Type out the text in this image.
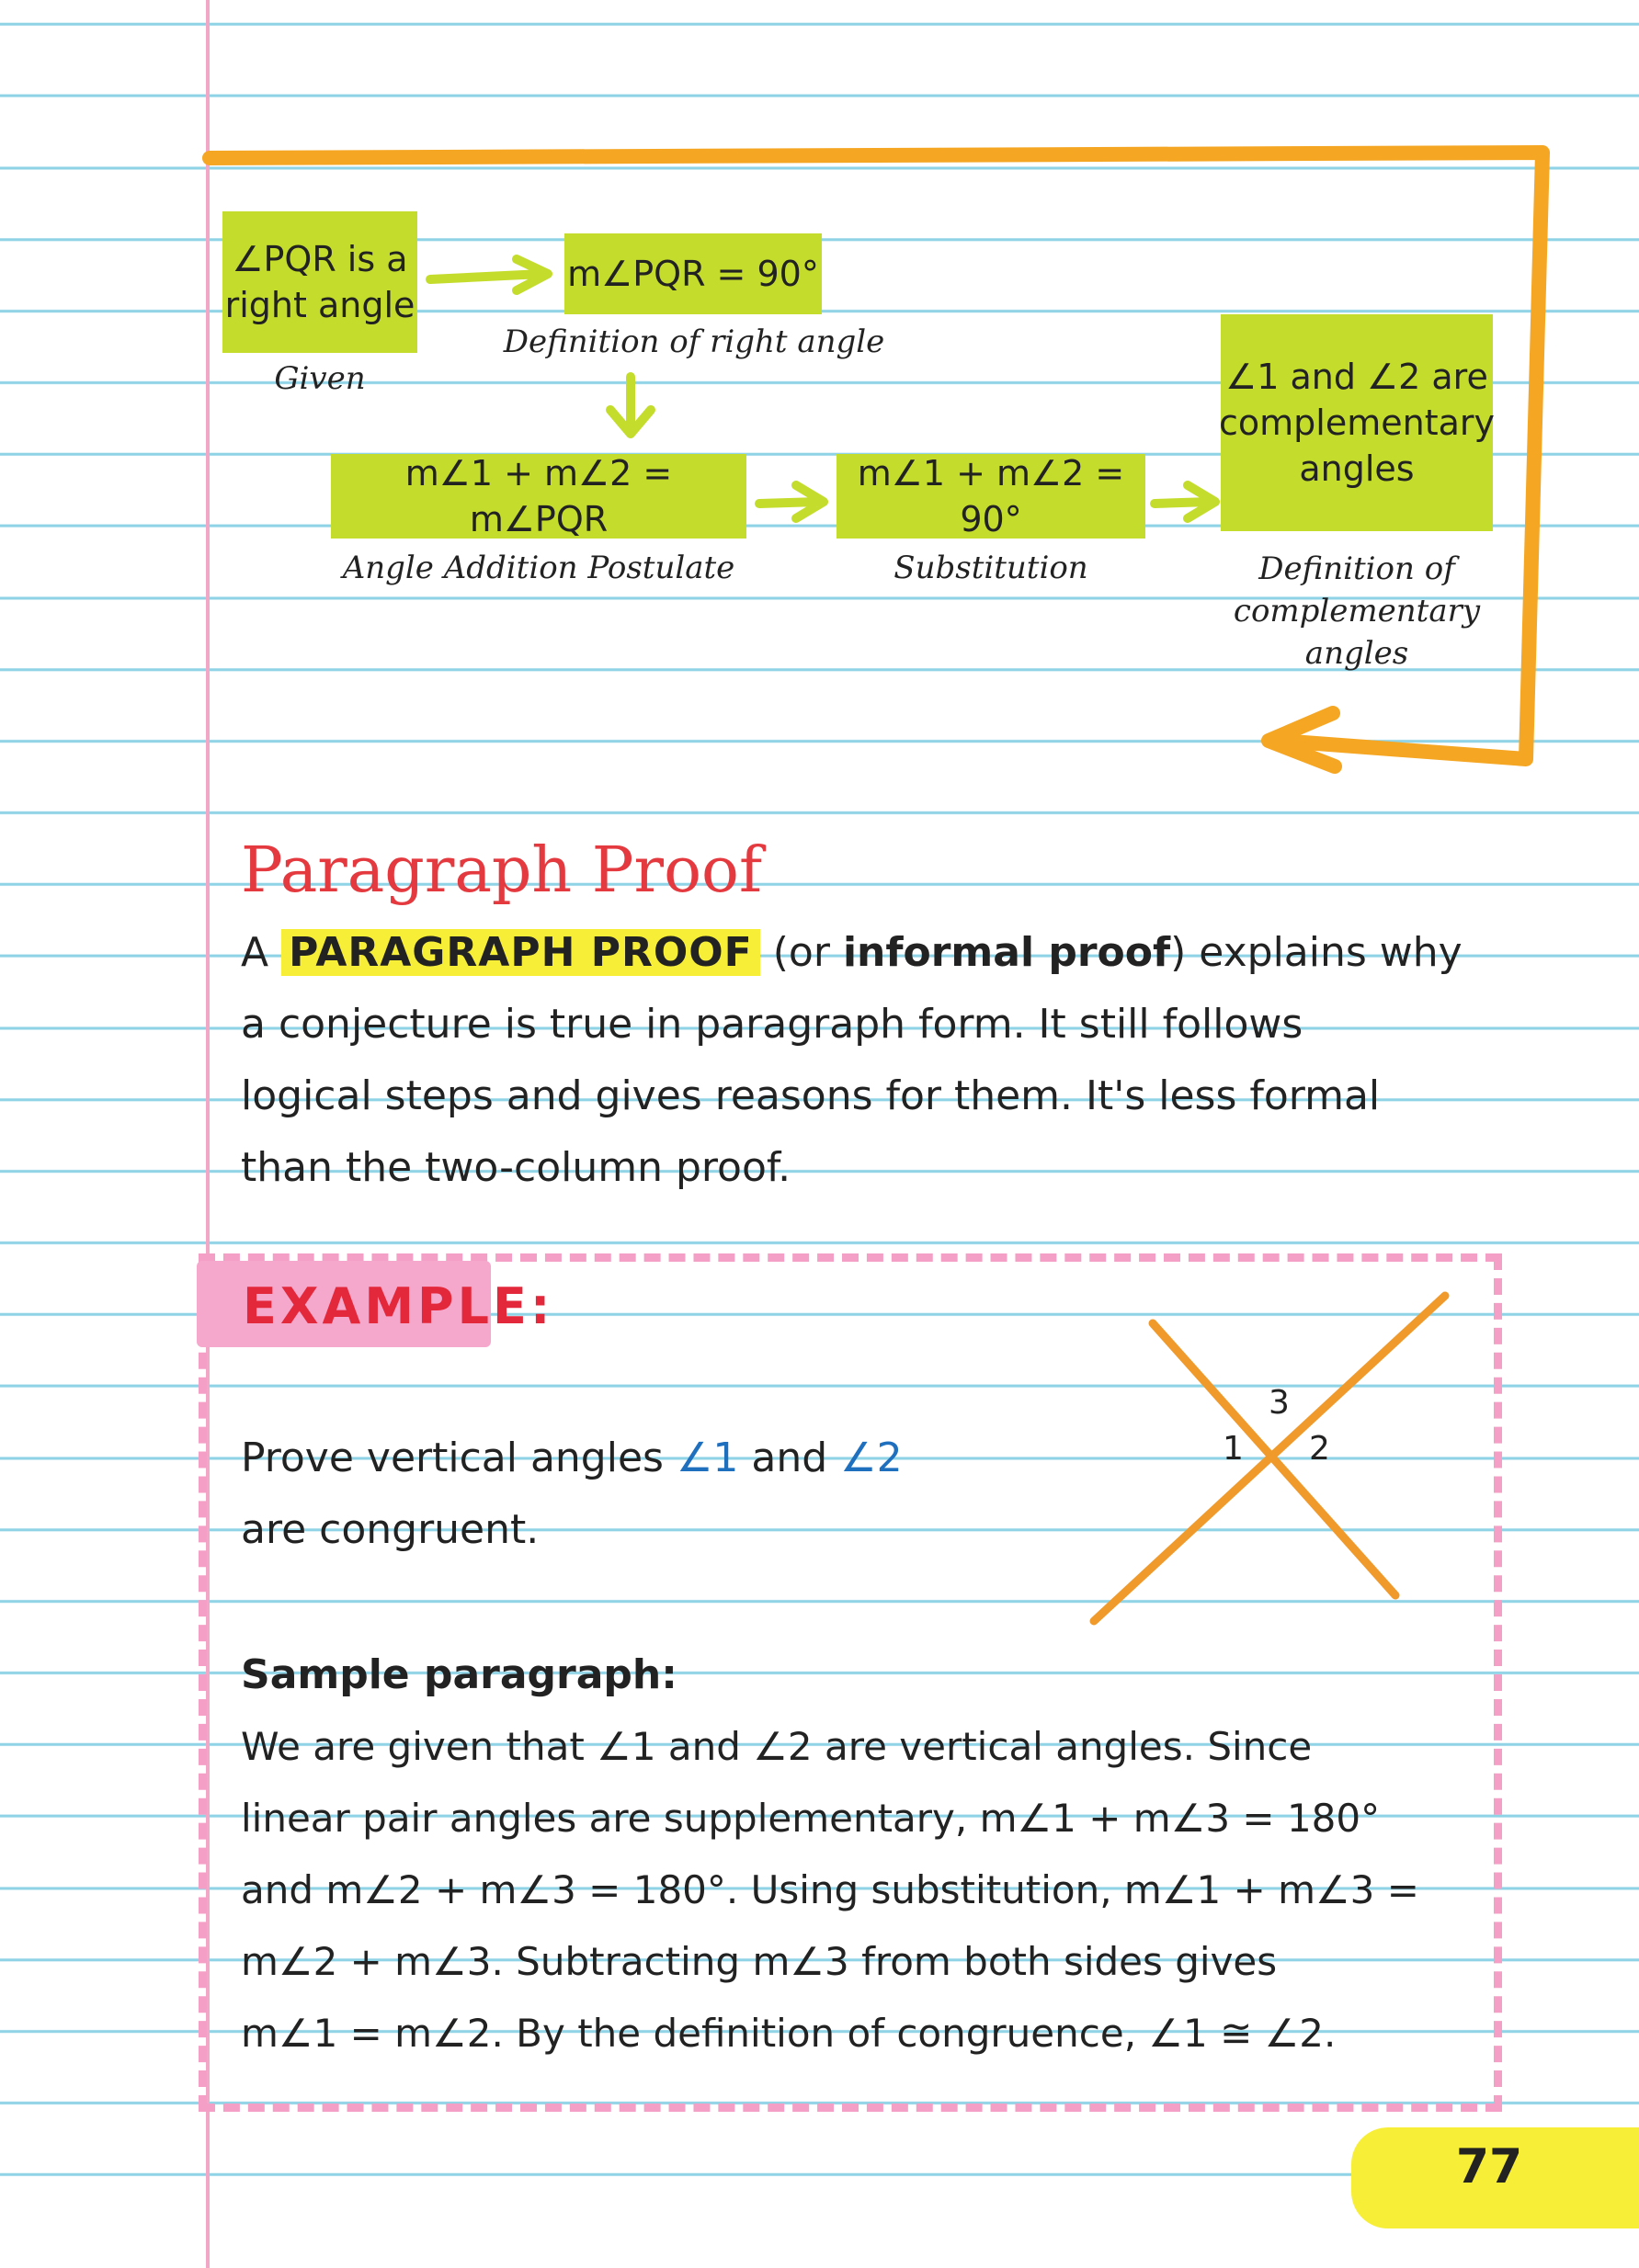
∠PQR is a
right angle
Given
m∠PQR = 90°
Definition of right angle
m∠1 + m∠2 = m∠PQR
Angle Addition Postulate
m∠1 + m∠2 = 90°
Substitution
∠1 and ∠2 are
complementary
angles
Definition of
complementary
angles
Paragraph Proof
A PARAGRAPH PROOF (or informal proof) explains why
a conjecture is true in paragraph form. It still follows
logical steps and gives reasons for them. It's less formal
than the two-column proof.
EXAMPLE:
Prove vertical angles ∠1 and ∠2
are congruent.
3
1 2
Sample paragraph:
We are given that ∠1 and ∠2 are vertical angles. Since
linear pair angles are supplementary, m∠1 + m∠3 = 180°
and m∠2 + m∠3 = 180°. Using substitution, m∠1 + m∠3 =
m∠2 + m∠3. Subtracting m∠3 from both sides gives
m∠1 = m∠2. By the definition of congruence, ∠1 ≅ ∠2.
77
